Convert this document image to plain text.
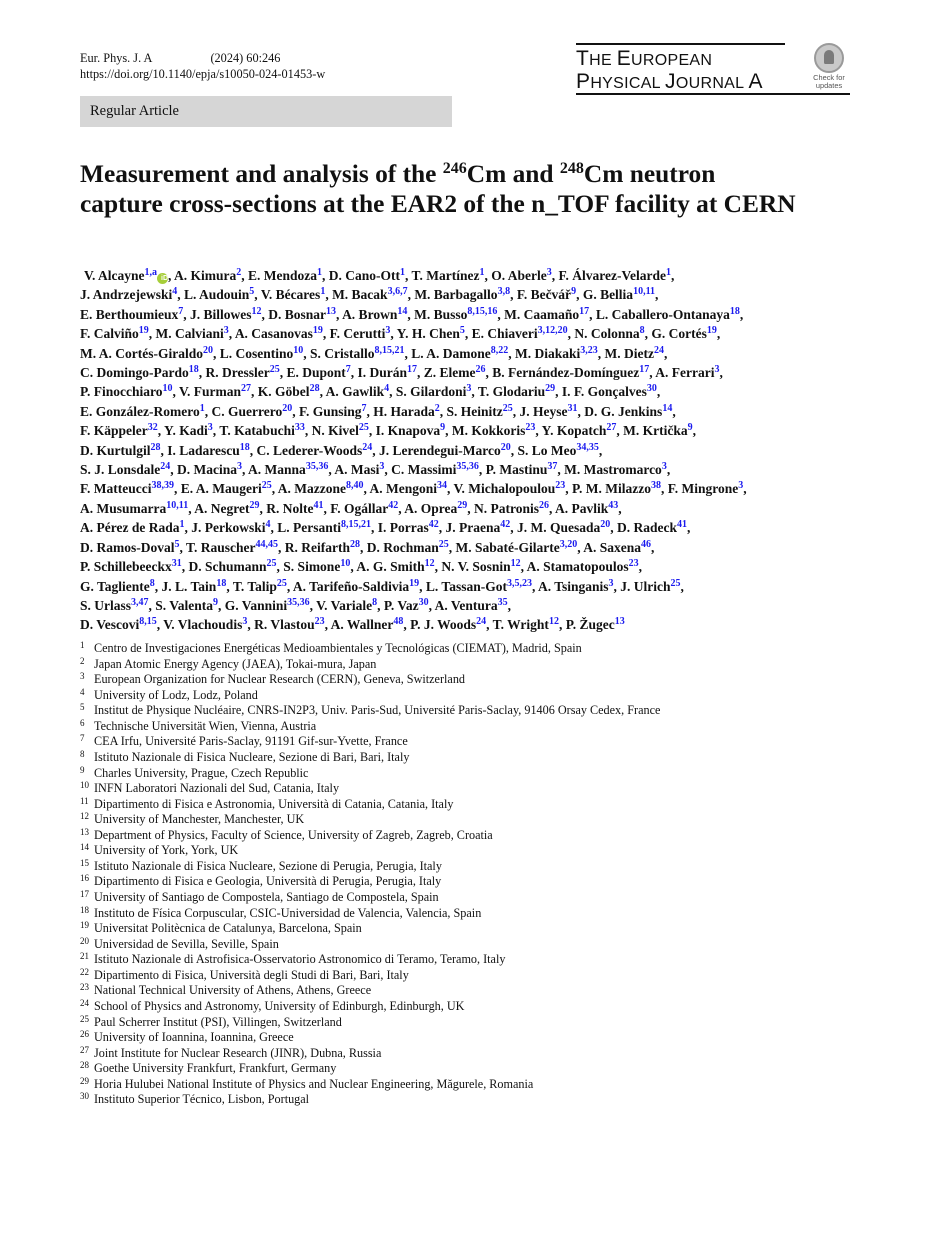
Eur. Phys. J. A	(2024) 60:246
https://doi.org/10.1140/epja/s10050-024-01453-w
THE EUROPEAN
PHYSICAL JOURNAL A	Check for
updates
Regular Article
Measurement and analysis of the $^{246}$Cm and $^{248}$Cm neutron
capture cross-sections at the EAR2 of the n_TOF facility at CERN
V. Alcayne$^{1,a}$iD, A. Kimura$^2$, E. Mendoza$^1$, D. Cano-Ott$^1$, T. Martínez$^1$, O. Aberle$^3$, F. Álvarez-Velarde$^1$,
J. Andrzejewski$^4$, L. Audouin$^5$, V. Bécares$^1$, M. Bacak$^{3,6,7}$, M. Barbagallo$^{3,8}$, F. Bečvář$^9$, G. Bellia$^{10,11}$,
E. Berthoumieux$^7$, J. Billowes$^{12}$, D. Bosnar$^{13}$, A. Brown$^{14}$, M. Busso$^{8,15,16}$, M. Caamaño$^{17}$, L. Caballero-Ontanaya$^{18}$,
F. Calviño$^{19}$, M. Calviani$^3$, A. Casanovas$^{19}$, F. Cerutti$^3$, Y. H. Chen$^5$, E. Chiaveri$^{3,12,20}$, N. Colonna$^8$, G. Cortés$^{19}$,
M. A. Cortés-Giraldo$^{20}$, L. Cosentino$^{10}$, S. Cristallo$^{8,15,21}$, L. A. Damone$^{8,22}$, M. Diakaki$^{3,23}$, M. Dietz$^{24}$,
C. Domingo-Pardo$^{18}$, R. Dressler$^{25}$, E. Dupont$^7$, I. Durán$^{17}$, Z. Eleme$^{26}$, B. Fernández-Domínguez$^{17}$, A. Ferrari$^3$,
P. Finocchiaro$^{10}$, V. Furman$^{27}$, K. Göbel$^{28}$, A. Gawlik$^4$, S. Gilardoni$^3$, T. Glodariu$^{29}$, I. F. Gonçalves$^{30}$,
E. González-Romero$^1$, C. Guerrero$^{20}$, F. Gunsing$^7$, H. Harada$^2$, S. Heinitz$^{25}$, J. Heyse$^{31}$, D. G. Jenkins$^{14}$,
F. Käppeler$^{32}$, Y. Kadi$^3$, T. Katabuchi$^{33}$, N. Kivel$^{25}$, I. Knapova$^9$, M. Kokkoris$^{23}$, Y. Kopatch$^{27}$, M. Krtička$^9$,
D. Kurtulgil$^{28}$, I. Ladarescu$^{18}$, C. Lederer-Woods$^{24}$, J. Lerendegui-Marco$^{20}$, S. Lo Meo$^{34,35}$,
S. J. Lonsdale$^{24}$, D. Macina$^3$, A. Manna$^{35,36}$, A. Masi$^3$, C. Massimi$^{35,36}$, P. Mastinu$^{37}$, M. Mastromarco$^3$,
F. Matteucci$^{38,39}$, E. A. Maugeri$^{25}$, A. Mazzone$^{8,40}$, A. Mengoni$^{34}$, V. Michalopoulou$^{23}$, P. M. Milazzo$^{38}$, F. Mingrone$^3$,
A. Musumarra$^{10,11}$, A. Negret$^{29}$, R. Nolte$^{41}$, F. Ogállar$^{42}$, A. Oprea$^{29}$, N. Patronis$^{26}$, A. Pavlik$^{43}$,
A. Pérez de Rada$^1$, J. Perkowski$^4$, L. Persanti$^{8,15,21}$, I. Porras$^{42}$, J. Praena$^{42}$, J. M. Quesada$^{20}$, D. Radeck$^{41}$,
D. Ramos-Doval$^5$, T. Rauscher$^{44,45}$, R. Reifarth$^{28}$, D. Rochman$^{25}$, M. Sabaté-Gilarte$^{3,20}$, A. Saxena$^{46}$,
P. Schillebeeckx$^{31}$, D. Schumann$^{25}$, S. Simone$^{10}$, A. G. Smith$^{12}$, N. V. Sosnin$^{12}$, A. Stamatopoulos$^{23}$,
G. Tagliente$^8$, J. L. Tain$^{18}$, T. Talip$^{25}$, A. Tarifeño-Saldivia$^{19}$, L. Tassan-Got$^{3,5,23}$, A. Tsinganis$^3$, J. Ulrich$^{25}$,
S. Urlass$^{3,47}$, S. Valenta$^9$, G. Vannini$^{35,36}$, V. Variale$^8$, P. Vaz$^{30}$, A. Ventura$^{35}$,
D. Vescovi$^{8,15}$, V. Vlachoudis$^3$, R. Vlastou$^{23}$, A. Wallner$^{48}$, P. J. Woods$^{24}$, T. Wright$^{12}$, P. Žugec$^{13}$
1 Centro de Investigaciones Energéticas Medioambientales y Tecnológicas (CIEMAT), Madrid, Spain
2 Japan Atomic Energy Agency (JAEA), Tokai-mura, Japan
3 European Organization for Nuclear Research (CERN), Geneva, Switzerland
4 University of Lodz, Lodz, Poland
5 Institut de Physique Nucléaire, CNRS-IN2P3, Univ. Paris-Sud, Université Paris-Saclay, 91406 Orsay Cedex, France
6 Technische Universität Wien, Vienna, Austria
7 CEA Irfu, Université Paris-Saclay, 91191 Gif-sur-Yvette, France
8 Istituto Nazionale di Fisica Nucleare, Sezione di Bari, Bari, Italy
9 Charles University, Prague, Czech Republic
10 INFN Laboratori Nazionali del Sud, Catania, Italy
11 Dipartimento di Fisica e Astronomia, Università di Catania, Catania, Italy
12 University of Manchester, Manchester, UK
13 Department of Physics, Faculty of Science, University of Zagreb, Zagreb, Croatia
14 University of York, York, UK
15 Istituto Nazionale di Fisica Nucleare, Sezione di Perugia, Perugia, Italy
16 Dipartimento di Fisica e Geologia, Università di Perugia, Perugia, Italy
17 University of Santiago de Compostela, Santiago de Compostela, Spain
18 Instituto de Física Corpuscular, CSIC-Universidad de Valencia, Valencia, Spain
19 Universitat Politècnica de Catalunya, Barcelona, Spain
20 Universidad de Sevilla, Seville, Spain
21 Istituto Nazionale di Astrofisica-Osservatorio Astronomico di Teramo, Teramo, Italy
22 Dipartimento di Fisica, Università degli Studi di Bari, Bari, Italy
23 National Technical University of Athens, Athens, Greece
24 School of Physics and Astronomy, University of Edinburgh, Edinburgh, UK
25 Paul Scherrer Institut (PSI), Villingen, Switzerland
26 University of Ioannina, Ioannina, Greece
27 Joint Institute for Nuclear Research (JINR), Dubna, Russia
28 Goethe University Frankfurt, Frankfurt, Germany
29 Horia Hulubei National Institute of Physics and Nuclear Engineering, Măgurele, Romania
30 Instituto Superior Técnico, Lisbon, Portugal
